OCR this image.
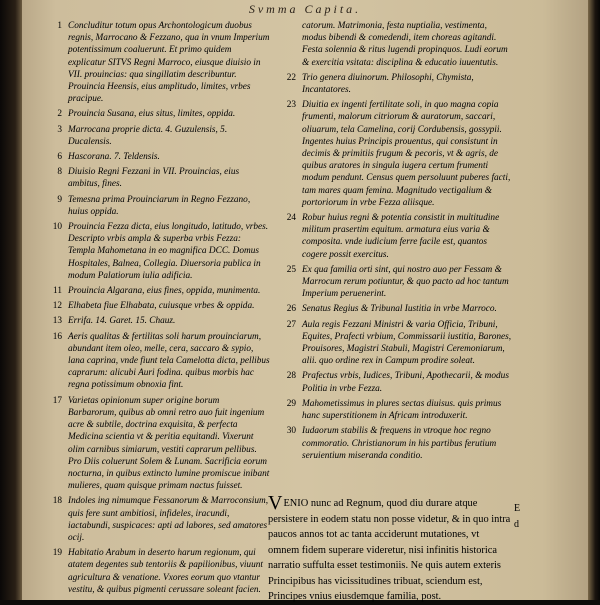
Svmma Capita.
1 Concluditur totum opus Archontologicum duobus regnis, Marrocano & Fezzano, qua in vnum Imperium potentissimum coaluerunt. Et primo quidem explicatur SITVS Regni Marroco, eiusque diuisio in VII. prouincias: qua singillatim describuntur. Prouincia Heensis, eius amplitudo, limites, vrbes pracipue.
2 Prouincia Susana, eius situs, limites, oppida.
3 Marrocana proprie dicta. 4. Guzulensis, 5. Ducalensis.
6 Hascorana. 7. Teldensis.
8 Diuisio Regni Fezzani in VII. Prouincias, eius ambitus, fines.
9 Temesna prima Prouinciarum in Regno Fezzano, huius oppida.
10 Prouincia Fezza dicta, eius longitudo, latitudo, vrbes. Descripto vrbis ampla & superba vrbis Fezza: Templa Mahometana in eo magnifica DCC. Domus Hospitales, Balnea, Collegia. Diuersoria publica in modum Palatiorum iulia adificia.
11 Prouincia Algarana, eius fines, oppida, munimenta.
12 Elhabeta fiue Elhabata, cuiusque vrbes & oppida.
13 Errifa. 14. Garet. 15. Chauz.
16 Aeris qualitas & fertilitas soli harum prouinciarum, abundant item oleo, melle, cera, saccaro & sypio, lana caprina, vnde fiunt tela Camelotta dicta, pellibus caprarum: alicubi Auri fodina. quibus morbis hac regna potissimum obnoxia fint.
17 Varietas opinionum super origine borum Barbarorum, quibus ab omni retro auo fuit ingenium acre & subtile, doctrina exquisita, & perfecta Medicina scientia vt & peritia equitandi. Vixerunt olim carnibus simiarum, vestiti caprarum pellibus. Pro Diis coluerunt Solem & Lunam. Sacrificia eorum nocturna, in quibus extincto lumine promiscue inibant mulieres, quam quisque primam nactus fuisset.
18 Indoles ing nimumque Fessanorum & Marroconsium, quis fere sunt ambitiosi, infideles, iracundi, iactabundi, suspicaces: apti ad labores, sed amatores ocij.
19 Habitatio Arabum in deserto harum regionum, qui atatem degentes sub tentoriis & papilionibus, viuunt agricultura & venatione. Vxores eorum quo vtantur vestitu, & quibus pigmenti cerussare soleant facien.
catorum. Matrimonia, festa nuptialia, vestimenta, modus bibendi & comedendi, item choreas agitandi. Festa solennia & ritus lugendi propinquos. Ludi eorum & exercitia vsitata: disciplina & educatio iuuentutis.
22 Trio genera diuinorum. Philosophi, Chymista, Incantatores.
23 Diuitia ex ingenti fertilitate soli, in quo magna copia frumenti, malorum citriorum & auratorum, saccari, oliuarum, tela Camelina, corij Cordubensis, gossypii. Ingentes huius Principis prouentus, qui consistunt in decimis & primitiis frugum & pecoris, vt & agris, de quibus aratores in singula iugera certum frumenti modum pendunt. Census quem persoluunt puberes facti, tam mares quam femina. Magnitudo vectigalium & portoriorum in vrbe Fezza aliisque.
24 Robur huius regni & potentia consistit in multitudine militum prasertim equitum. armatura eius varia & composita. vnde iudicium ferre facile est, quantos cogere possit exercitus.
25 Ex qua familia orti sint, qui nostro auo per Fessam & Marrocum rerum potiuntur, & quo pacto ad hoc tantum Imperium peruenerint.
26 Senatus Regius & Tribunal Iustitia in vrbe Marroco.
27 Aula regis Fezzani Ministri & varia Officia, Tribuni, Equites, Prafecti vrbium, Commissarii iustitia, Barones, Prouisores, Magistri Stabuli, Magistri Ceremoniarum, alii. quo ordine rex in Campum prodire soleat.
28 Prafectus vrbis, Iudices, Tribuni, Apothecarii, & modus Politia in vrbe Fezza.
29 Mahometissimus in plures sectas diuisus. quis primus hanc superstitionem in Africam introduxerit.
30 Iudaorum stabilis & frequens in vtroque hoc regno commoratio. Christianorum in his partibus ferutium seruientium miseranda conditio.
VENIO nunc ad Regnum, quod diu durare atque persistere in eodem statu non posse videtur, & in quo intra paucos annos tot ac tanta acciderunt mutationes, vt omnem fidem superare videretur, nisi infinitis historica narratio suffulta esset testimoniis. Ne quis autem exteris Principibus has vicissitudines tribuat, sciendum est, Principes vnius eiusdemque familia, post.
E
d
